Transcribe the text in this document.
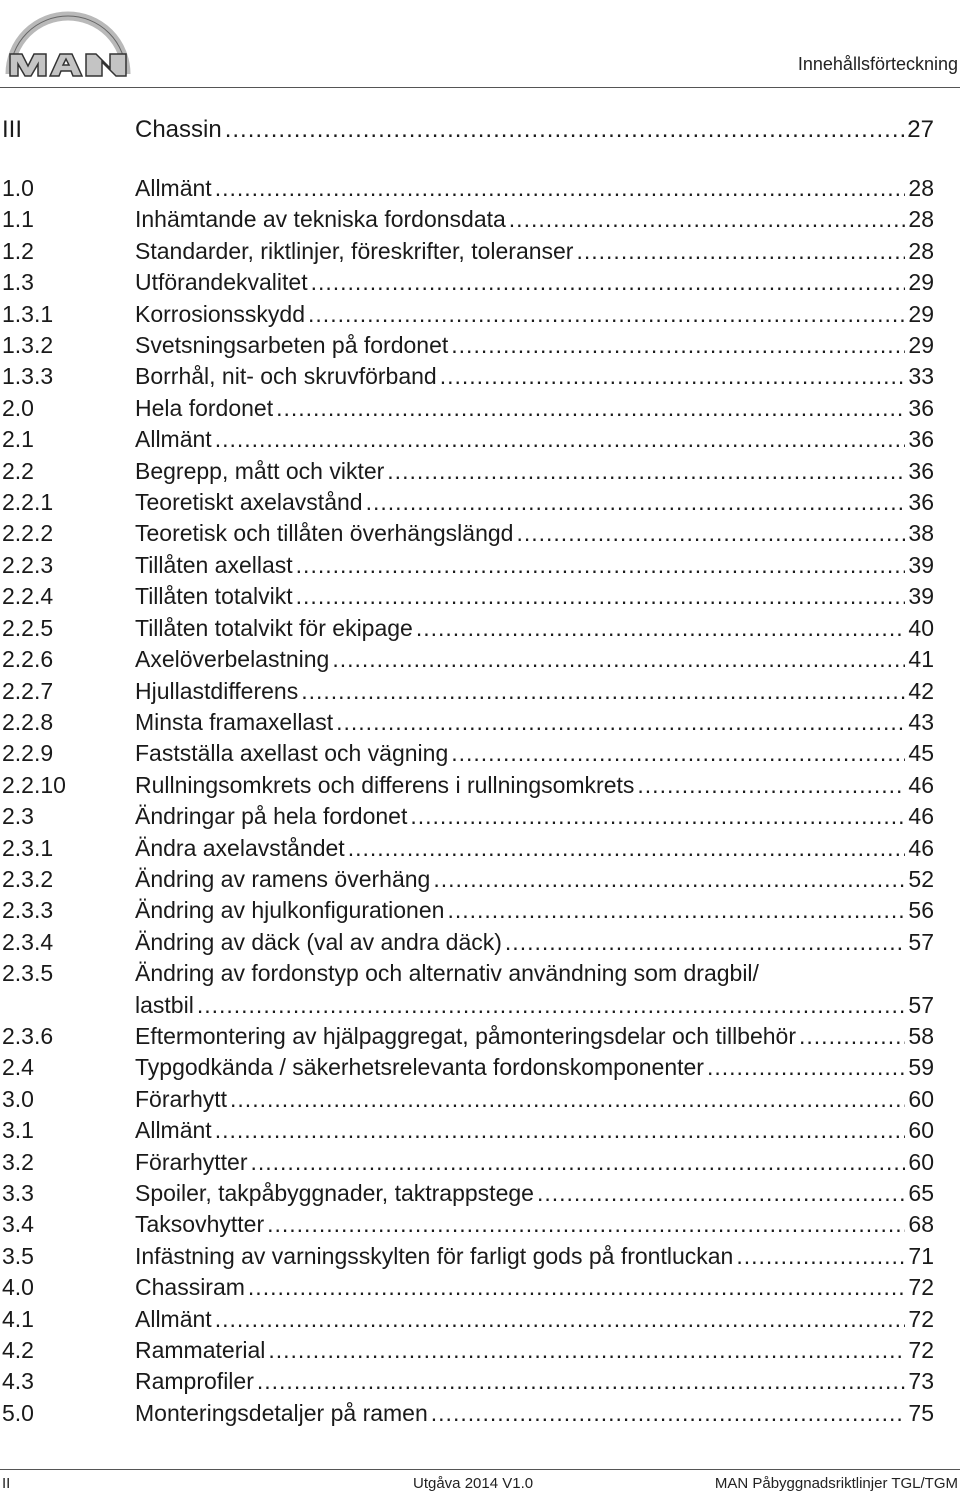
MAN
Innehållsförteckning
III	Chassin .....	27
1.0	Allmänt .....	28
1.1	Inhämtande av tekniska fordonsdata .....	28
1.2	Standarder, riktlinjer, föreskrifter, toleranser .....	28
1.3	Utförandekvalitet .....	29
1.3.1	Korrosionsskydd .....	29
1.3.2	Svetsningsarbeten på fordonet .....	29
1.3.3	Borrhål, nit- och skruvförband .....	33
2.0	Hela fordonet .....	36
2.1	Allmänt .....	36
2.2	Begrepp, mått och vikter .....	36
2.2.1	Teoretiskt axelavstånd .....	36
2.2.2	Teoretisk och tillåten överhängslängd .....	38
2.2.3	Tillåten axellast .....	39
2.2.4	Tillåten totalvikt .....	39
2.2.5	Tillåten totalvikt för ekipage .....	40
2.2.6	Axelöverbelastning .....	41
2.2.7	Hjullastdifferens .....	42
2.2.8	Minsta framaxellast .....	43
2.2.9	Fastställa axellast och vägning .....	45
2.2.10	Rullningsomkrets och differens i rullningsomkrets .....	46
2.3	Ändringar på hela fordonet .....	46
2.3.1	Ändra axelavståndet .....	46
2.3.2	Ändring av ramens överhäng .....	52
2.3.3	Ändring av hjulkonfigurationen .....	56
2.3.4	Ändring av däck (val av andra däck) .....	57
2.3.5	Ändring av fordonstyp och alternativ användning som dragbil/
lastbil .....	57
2.3.6	Eftermontering av hjälpaggregat, påmonteringsdelar och tillbehör .....	58
2.4	Typgodkända / säkerhetsrelevanta fordonskomponenter .....	59
3.0	Förarhytt .....	60
3.1	Allmänt .....	60
3.2	Förarhytter .....	60
3.3	Spoiler, takpåbyggnader, taktrappstege .....	65
3.4	Taksovhytter .....	68
3.5	Infästning av varningsskylten för farligt gods på frontluckan .....	71
4.0	Chassiram .....	72
4.1	Allmänt .....	72
4.2	Rammaterial .....	72
4.3	Ramprofiler .....	73
5.0	Monteringsdetaljer på ramen .....	75
II	Utgåva 2014 V1.0	MAN Påbyggnadsriktlinjer TGL/TGM
